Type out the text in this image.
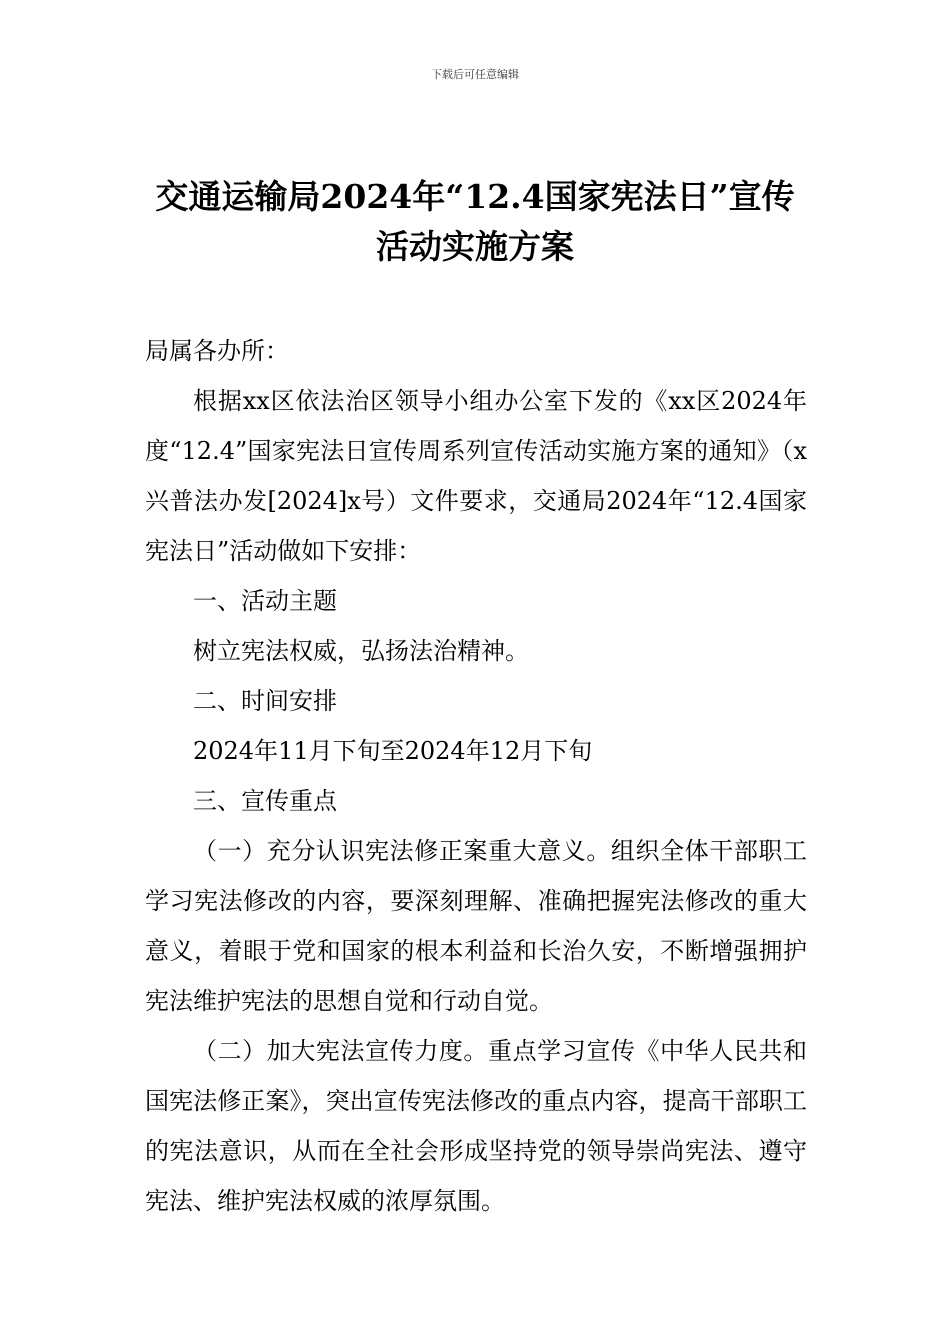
下载后可任意编辑
交通运输局2024年“12.4国家宪法日”宣传活动实施方案

局属各办所：

根据xx区依法治区领导小组办公室下发的《xx区2024年度“12.4”国家宪法日宣传周系列宣传活动实施方案的通知》（x兴普法办发[2024]x号）文件要求，交通局2024年“12.4国家宪法日”活动做如下安排：

一、活动主题

树立宪法权威，弘扬法治精神。

二、时间安排

2024年11月下旬至2024年12月下旬

三、宣传重点

（一）充分认识宪法修正案重大意义。组织全体干部职工学习宪法修改的内容，要深刻理解、准确把握宪法修改的重大意义，着眼于党和国家的根本利益和长治久安，不断增强拥护宪法维护宪法的思想自觉和行动自觉。

（二）加大宪法宣传力度。重点学习宣传《中华人民共和国宪法修正案》，突出宣传宪法修改的重点内容，提高干部职工的宪法意识，从而在全社会形成坚持党的领导崇尚宪法、遵守宪法、维护宪法权威的浓厚氛围。
